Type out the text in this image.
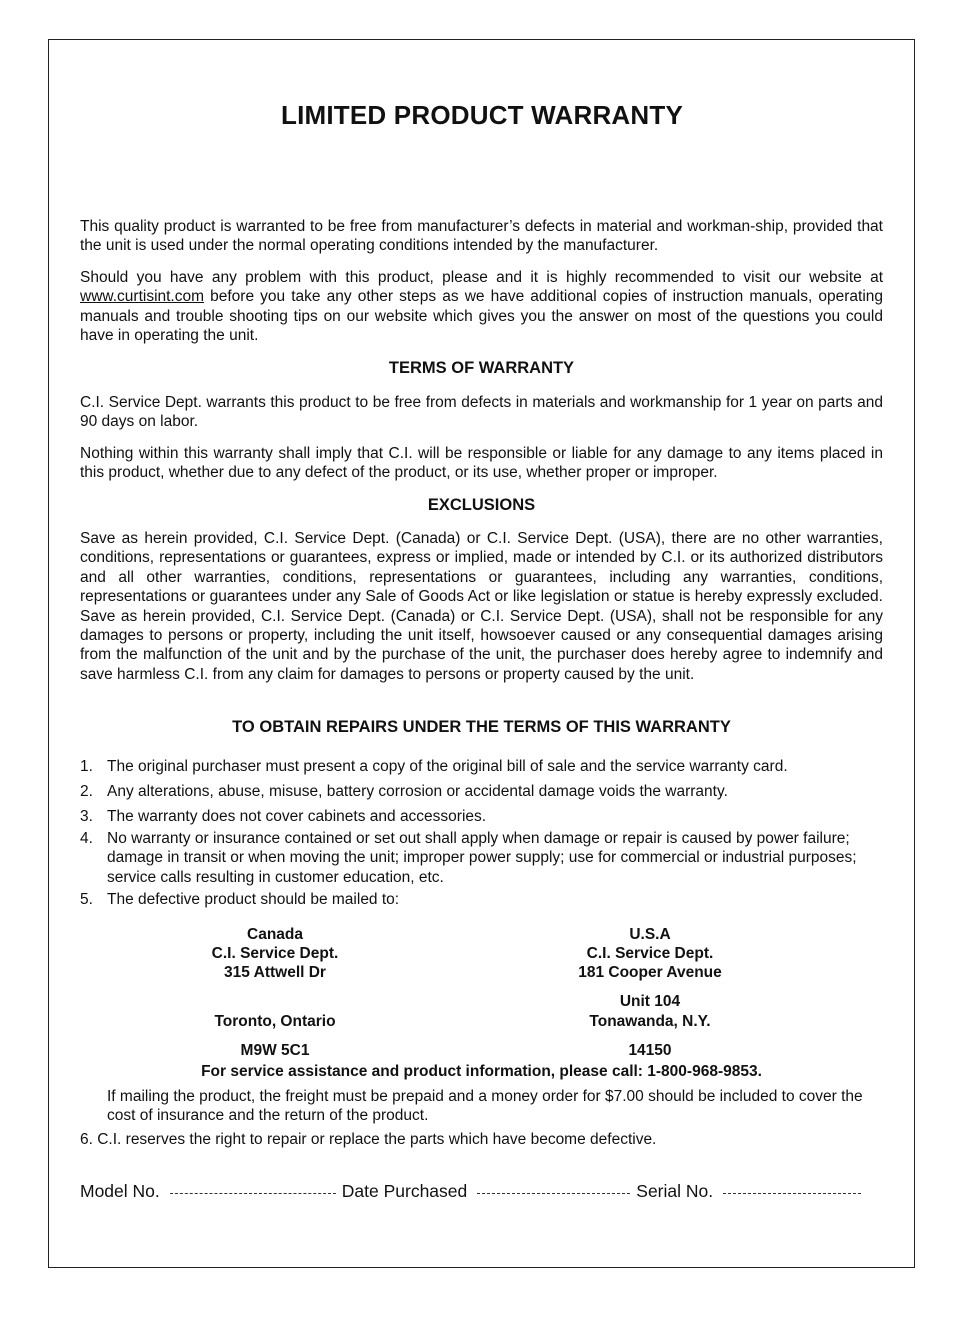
LIMITED PRODUCT WARRANTY

This quality product is warranted to be free from manufacturer’s defects in material and workman-ship, provided that the unit is used under the normal operating conditions intended by the manufacturer.

Should you have any problem with this product, please and it is highly recommended to visit our website at www.curtisint.com before you take any other steps as we have additional copies of instruction manuals, operating manuals and trouble shooting tips on our website which gives you the answer on most of the questions you could have in operating the unit.

TERMS OF WARRANTY

C.I. Service Dept. warrants this product to be free from defects in materials and workmanship for 1 year on parts and 90 days on labor.

Nothing within this warranty shall imply that C.I. will be responsible or liable for any damage to any items placed in this product, whether due to any defect of the product, or its use, whether proper or improper.

EXCLUSIONS

Save as herein provided, C.I. Service Dept. (Canada) or C.I. Service Dept. (USA), there are no other warranties, conditions, representations or guarantees, express or implied, made or intended by C.I. or its authorized distributors and all other warranties, conditions, representations or guarantees, including any warranties, conditions, representations or guarantees under any Sale of Goods Act or like legislation or statue is hereby expressly excluded. Save as herein provided, C.I. Service Dept. (Canada) or C.I. Service Dept. (USA), shall not be responsible for any damages to persons or property, including the unit itself, howsoever caused or any consequential damages arising from the malfunction of the unit and by the purchase of the unit, the purchaser does hereby agree to indemnify and save harmless C.I. from any claim for damages to persons or property caused by the unit.

TO OBTAIN REPAIRS UNDER THE TERMS OF THIS WARRANTY
1. The original purchaser must present a copy of the original bill of sale and the service warranty card.
2. Any alterations, abuse, misuse, battery corrosion or accidental damage voids the warranty.
3. The warranty does not cover cabinets and accessories.
4. No warranty or insurance contained or set out shall apply when damage or repair is caused by power failure; damage in transit or when moving the unit; improper power supply; use for commercial or industrial purposes; service calls resulting in customer education, etc.
5. The defective product should be mailed to:
Canada
C.I. Service Dept.
315 Attwell Dr
Toronto, Ontario
M9W 5C1
U.S.A
C.I. Service Dept.
181 Cooper Avenue
Unit 104
Tonawanda, N.Y.
14150
For service assistance and product information, please call: 1-800-968-9853.
If mailing the product, the freight must be prepaid and a money order for $7.00 should be included to cover the cost of insurance and the return of the product.
6. C.I. reserves the right to repair or replace the parts which have become defective.
Model No.	Date Purchased	Serial No.
